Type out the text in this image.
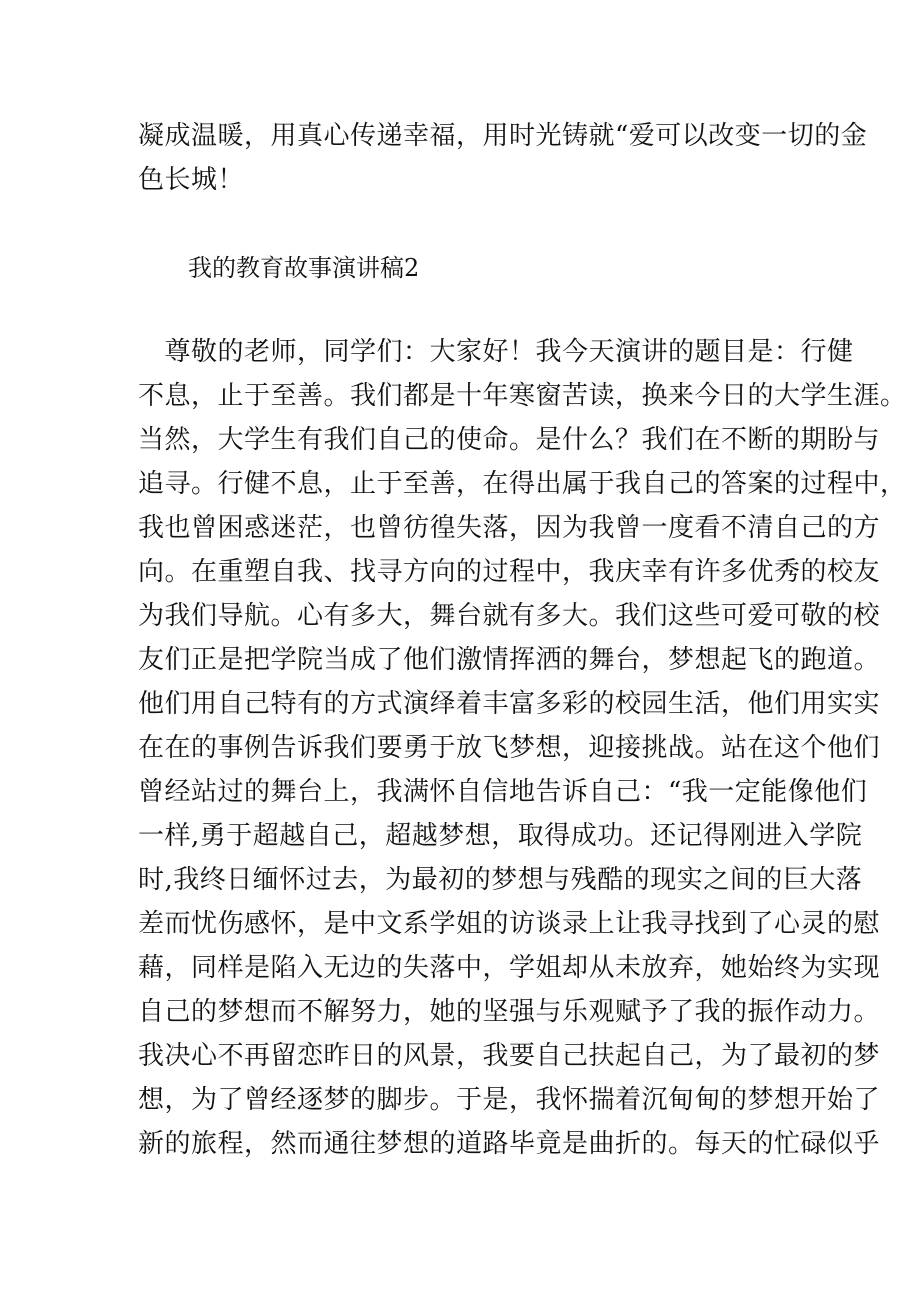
凝成温暖，用真心传递幸福，用时光铸就“爱可以改变一切的金
色长城！
我的教育故事演讲稿2
　尊敬的老师，同学们：大家好！我今天演讲的题目是：行健
不息，止于至善。我们都是十年寒窗苦读，换来今日的大学生涯。
当然，大学生有我们自己的使命。是什么？我们在不断的期盼与
追寻。行健不息，止于至善，在得出属于我自己的答案的过程中，
我也曾困惑迷茫，也曾彷徨失落，因为我曾一度看不清自己的方
向。在重塑自我、找寻方向的过程中，我庆幸有许多优秀的校友
为我们导航。心有多大，舞台就有多大。我们这些可爱可敬的校
友们正是把学院当成了他们激情挥洒的舞台，梦想起飞的跑道。
他们用自己特有的方式演绎着丰富多彩的校园生活，他们用实实
在在的事例告诉我们要勇于放飞梦想，迎接挑战。站在这个他们
曾经站过的舞台上，我满怀自信地告诉自己：“我一定能像他们
一样,勇于超越自己，超越梦想，取得成功。还记得刚进入学院
时,我终日缅怀过去，为最初的梦想与残酷的现实之间的巨大落
差而忧伤感怀，是中文系学姐的访谈录上让我寻找到了心灵的慰
藉，同样是陷入无边的失落中，学姐却从未放弃，她始终为实现
自己的梦想而不解努力，她的坚强与乐观赋予了我的振作动力。
我决心不再留恋昨日的风景，我要自己扶起自己，为了最初的梦
想，为了曾经逐梦的脚步。于是，我怀揣着沉甸甸的梦想开始了
新的旅程，然而通往梦想的道路毕竟是曲折的。每天的忙碌似乎
